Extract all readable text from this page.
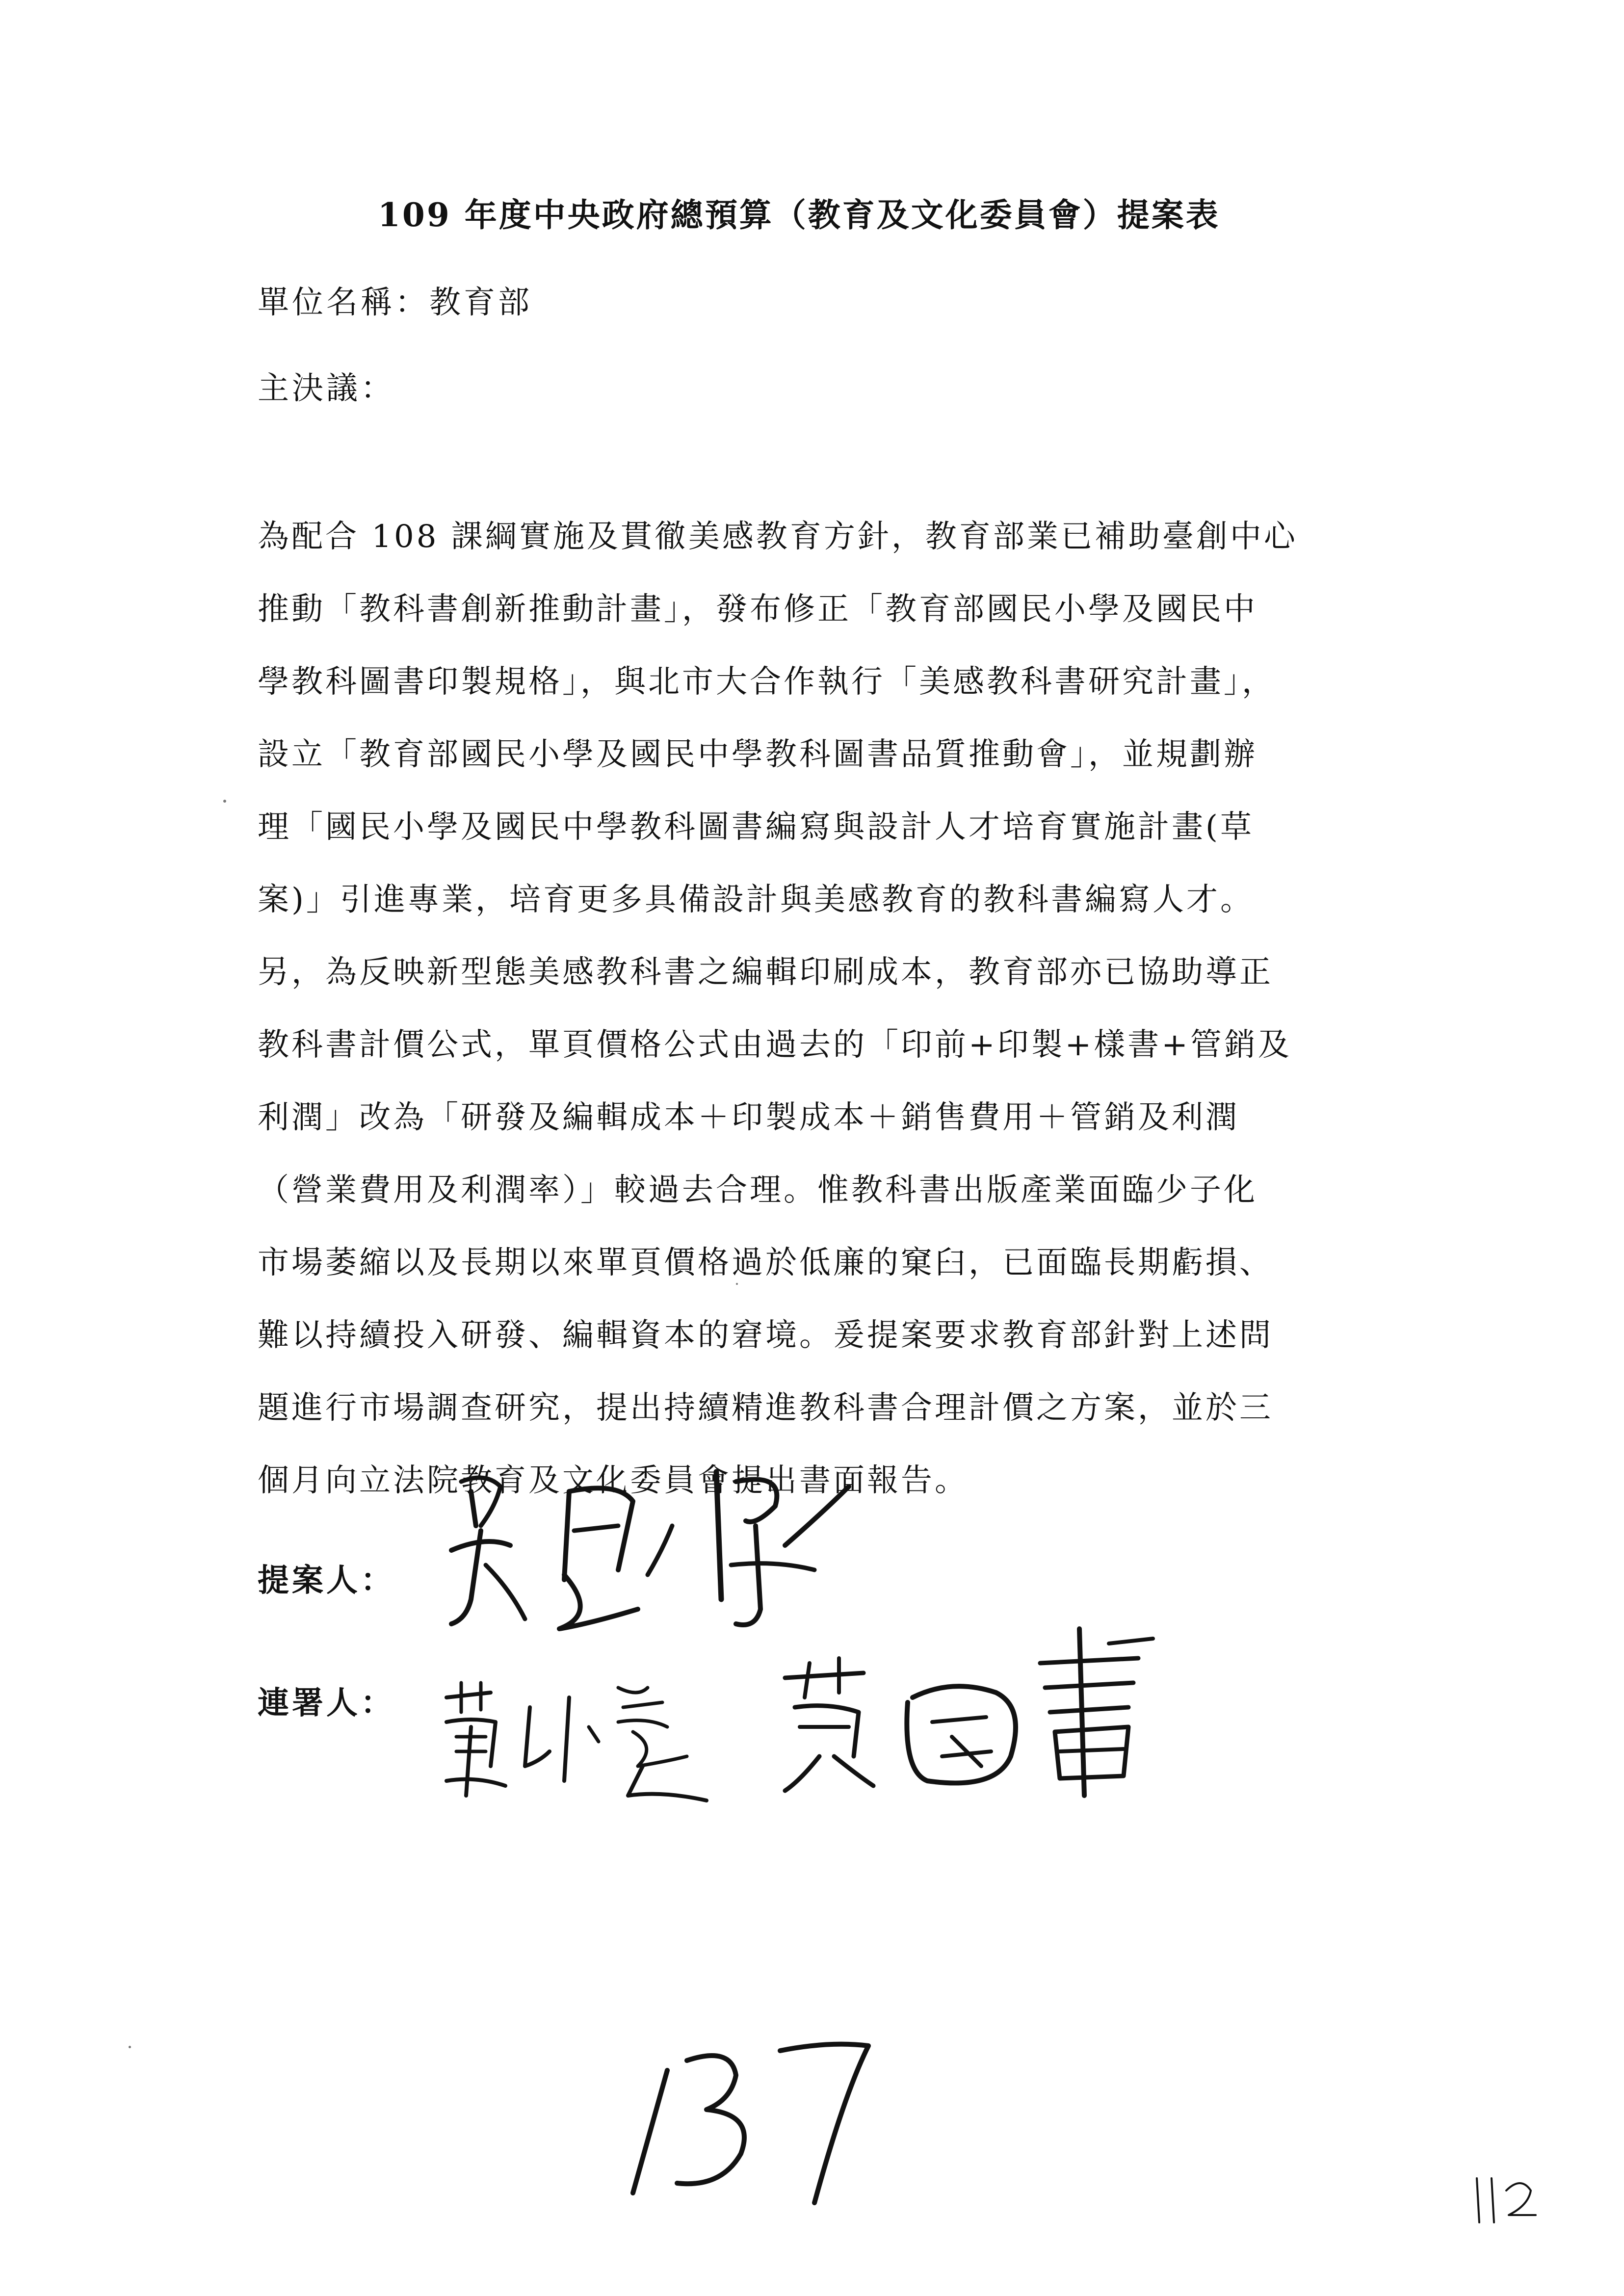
109 年度中央政府總預算（教育及文化委員會）提案表
單位名稱：教育部
主決議：
為配合 108 課綱實施及貫徹美感教育方針，教育部業已補助臺創中心
推動「教科書創新推動計畫」，發布修正「教育部國民小學及國民中
學教科圖書印製規格」，與北市大合作執行「美感教科書研究計畫」，
設立「教育部國民小學及國民中學教科圖書品質推動會」，並規劃辦
理「國民小學及國民中學教科圖書編寫與設計人才培育實施計畫(草
案)」引進專業，培育更多具備設計與美感教育的教科書編寫人才。
另，為反映新型態美感教科書之編輯印刷成本，教育部亦已協助導正
教科書計價公式，單頁價格公式由過去的「印前+印製+樣書+管銷及
利潤」改為「研發及編輯成本＋印製成本＋銷售費用＋管銷及利潤
（營業費用及利潤率）」較過去合理。惟教科書出版產業面臨少子化
市場萎縮以及長期以來單頁價格過於低廉的窠臼，已面臨長期虧損、
難以持續投入研發、編輯資本的窘境。爰提案要求教育部針對上述問
題進行市場調查研究，提出持續精進教科書合理計價之方案，並於三
個月向立法院教育及文化委員會提出書面報告。
提案人：
連署人：
